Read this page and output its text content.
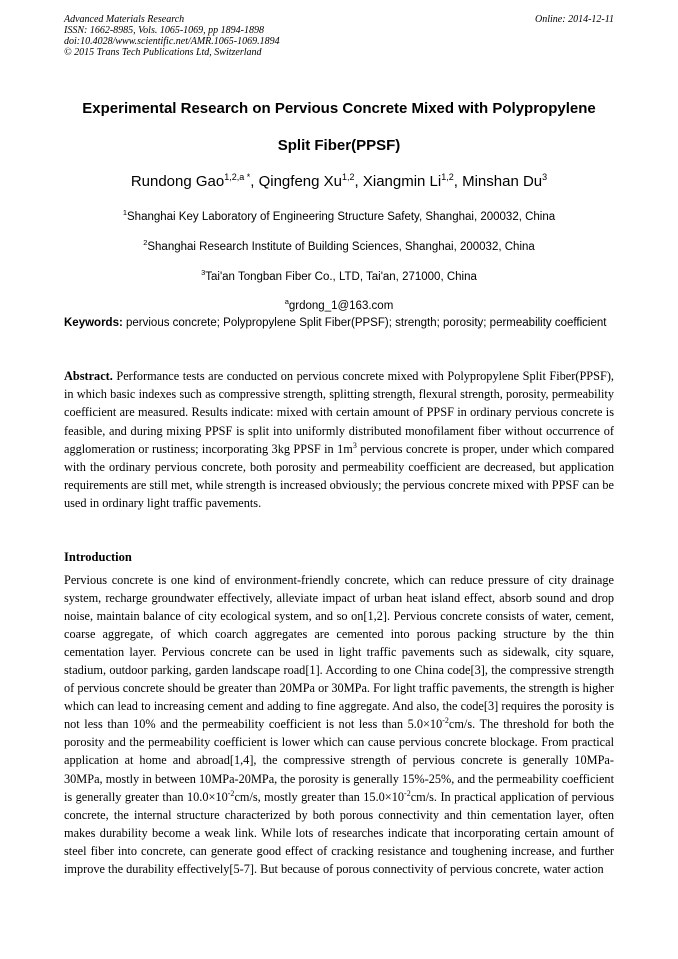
Advanced Materials Research
ISSN: 1662-8985, Vols. 1065-1069, pp 1894-1898
doi:10.4028/www.scientific.net/AMR.1065-1069.1894
© 2015 Trans Tech Publications Ltd, Switzerland
Online: 2014-12-11
Experimental Research on Pervious Concrete Mixed with Polypropylene
Split Fiber(PPSF)
Rundong Gao$^{1,2,a *}$, Qingfeng Xu$^{1,2}$, Xiangmin Li$^{1,2}$, Minshan Du$^3$
$^1$Shanghai Key Laboratory of Engineering Structure Safety, Shanghai, 200032, China
$^2$Shanghai Research Institute of Building Sciences, Shanghai, 200032, China
$^3$Tai'an Tongban Fiber Co., LTD, Tai'an, 271000, China
$^a$grdong_1@163.com
Keywords: pervious concrete; Polypropylene Split Fiber(PPSF); strength; porosity; permeability coefficient
Abstract. Performance tests are conducted on pervious concrete mixed with Polypropylene Split Fiber(PPSF), in which basic indexes such as compressive strength, splitting strength, flexural strength, porosity, permeability coefficient are measured. Results indicate: mixed with certain amount of PPSF in ordinary pervious concrete is feasible, and during mixing PPSF is split into uniformly distributed monofilament fiber without occurrence of agglomeration or rustiness; incorporating 3kg PPSF in $1m^3$ pervious concrete is proper, under which compared with the ordinary pervious concrete, both porosity and permeability coefficient are decreased, but application requirements are still met, while strength is increased obviously; the pervious concrete mixed with PPSF can be used in ordinary light traffic pavements.
Introduction
Pervious concrete is one kind of environment-friendly concrete, which can reduce pressure of city drainage system, recharge groundwater effectively, alleviate impact of urban heat island effect, absorb sound and drop noise, maintain balance of city ecological system, and so on[1,2]. Pervious concrete consists of water, cement, coarse aggregate, of which coarch aggregates are cemented into porous packing structure by the thin cementation layer. Pervious concrete can be used in light traffic pavements such as sidewalk, city square, stadium, outdoor parking, garden landscape road[1]. According to one China code[3], the compressive strength of pervious concrete should be greater than 20MPa or 30MPa. For light traffic pavements, the strength is higher which can lead to increasing cement and adding to fine aggregate. And also, the code[3] requires the porosity is not less than 10% and the permeability coefficient is not less than $5.0\times 10^{-2}cm/s$. The threshold for both the porosity and the permeability coefficient is lower which can cause pervious concrete blockage. From practical application at home and abroad[1,4], the compressive strength of pervious concrete is generally 10MPa-30MPa, mostly in between 10MPa-20MPa, the porosity is generally 15%-25%, and the permeability coefficient is generally greater than $10.0\times 10^{-2}cm/s$, mostly greater than $15.0\times 10^{-2}cm/s$. In practical application of pervious concrete, the internal structure characterized by both porous connectivity and thin cementation layer, often makes durability become a weak link. While lots of researches indicate that incorporating certain amount of steel fiber into concrete, can generate good effect of cracking resistance and toughening increase, and further improve the durability effectively[5-7]. But because of porous connectivity of pervious concrete, water action
